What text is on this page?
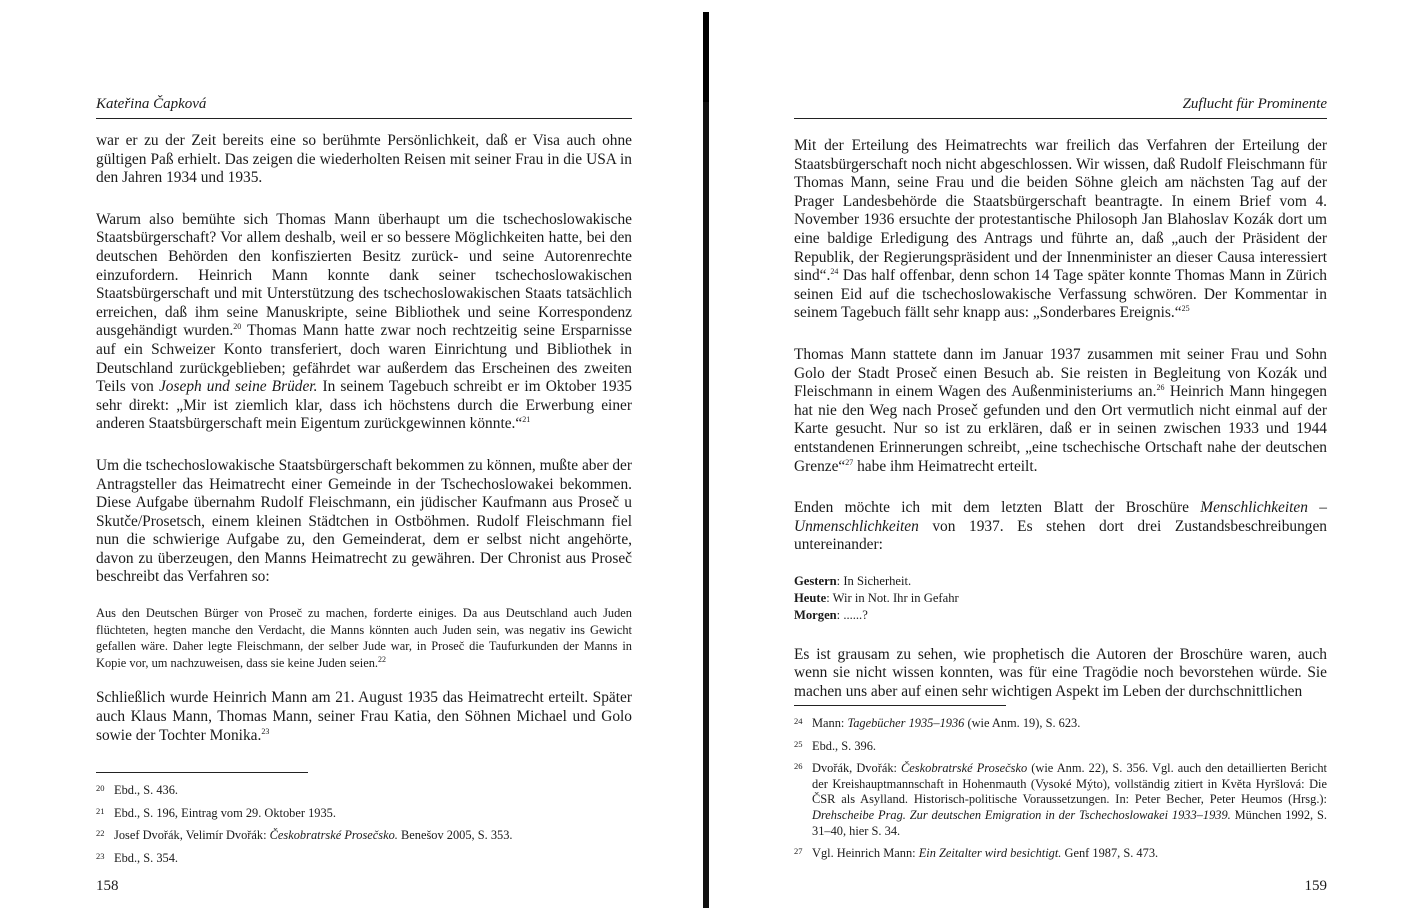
Kateřina Čapková

war er zu der Zeit bereits eine so berühmte Persönlichkeit, daß er Visa auch ohne gültigen Paß erhielt. Das zeigen die wiederholten Reisen mit seiner Frau in die USA in den Jahren 1934 und 1935.

Warum also bemühte sich Thomas Mann überhaupt um die tschechoslowakische Staatsbürgerschaft? Vor allem deshalb, weil er so bessere Möglichkeiten hatte, bei den deutschen Behörden den konfiszierten Besitz zurück- und seine Autorenrechte einzufordern. Heinrich Mann konnte dank seiner tschechoslowakischen Staatsbürgerschaft und mit Unterstützung des tschechoslowakischen Staats tatsächlich erreichen, daß ihm seine Manuskripte, seine Bibliothek und seine Korrespondenz ausgehändigt wurden.$^{20}$ Thomas Mann hatte zwar noch rechtzeitig seine Ersparnisse auf ein Schweizer Konto transferiert, doch waren Einrichtung und Bibliothek in Deutschland zurückgeblieben; gefährdet war außerdem das Erscheinen des zweiten Teils von Joseph und seine Brüder. In seinem Tagebuch schreibt er im Oktober 1935 sehr direkt: „Mir ist ziemlich klar, dass ich höchstens durch die Erwerbung einer anderen Staatsbürgerschaft mein Eigentum zurückgewinnen könnte.“$^{21}$

Um die tschechoslowakische Staatsbürgerschaft bekommen zu können, mußte aber der Antragsteller das Heimatrecht einer Gemeinde in der Tschechoslowakei bekommen. Diese Aufgabe übernahm Rudolf Fleischmann, ein jüdischer Kaufmann aus Proseč u Skutče/Prosetsch, einem kleinen Städtchen in Ostböhmen. Rudolf Fleischmann fiel nun die schwierige Aufgabe zu, den Gemeinderat, dem er selbst nicht angehörte, davon zu überzeugen, den Manns Heimatrecht zu gewähren. Der Chronist aus Proseč beschreibt das Verfahren so:

Aus den Deutschen Bürger von Proseč zu machen, forderte einiges. Da aus Deutschland auch Juden flüchteten, hegten manche den Verdacht, die Manns könnten auch Juden sein, was negativ ins Gewicht gefallen wäre. Daher legte Fleischmann, der selber Jude war, in Proseč die Taufurkunden der Manns in Kopie vor, um nachzuweisen, dass sie keine Juden seien.$^{22}$

Schließlich wurde Heinrich Mann am 21. August 1935 das Heimatrecht erteilt. Später auch Klaus Mann, Thomas Mann, seiner Frau Katia, den Söhnen Michael und Golo sowie der Tochter Monika.$^{23}$

20 Ebd., S. 436.
21 Ebd., S. 196, Eintrag vom 29. Oktober 1935.
22 Josef Dvořák, Velimír Dvořák: Českobratrské Prosečsko. Benešov 2005, S. 353.
23 Ebd., S. 354.
158
Zuflucht für Prominente

Mit der Erteilung des Heimatrechts war freilich das Verfahren der Erteilung der Staatsbürgerschaft noch nicht abgeschlossen. Wir wissen, daß Rudolf Fleischmann für Thomas Mann, seine Frau und die beiden Söhne gleich am nächsten Tag auf der Prager Landesbehörde die Staatsbürgerschaft beantragte. In einem Brief vom 4. November 1936 ersuchte der protestantische Philosoph Jan Blahoslav Kozák dort um eine baldige Erledigung des Antrags und führte an, daß „auch der Präsident der Republik, der Regierungspräsident und der Innenminister an dieser Causa interessiert sind“.$^{24}$ Das half offenbar, denn schon 14 Tage später konnte Thomas Mann in Zürich seinen Eid auf die tschechoslowakische Verfassung schwören. Der Kommentar in seinem Tagebuch fällt sehr knapp aus: „Sonderbares Ereignis.“$^{25}$

Thomas Mann stattete dann im Januar 1937 zusammen mit seiner Frau und Sohn Golo der Stadt Proseč einen Besuch ab. Sie reisten in Begleitung von Kozák und Fleischmann in einem Wagen des Außenministeriums an.$^{26}$ Heinrich Mann hingegen hat nie den Weg nach Proseč gefunden und den Ort vermutlich nicht einmal auf der Karte gesucht. Nur so ist zu erklären, daß er in seinen zwischen 1933 und 1944 entstandenen Erinnerungen schreibt, „eine tschechische Ortschaft nahe der deutschen Grenze“$^{27}$ habe ihm Heimatrecht erteilt.

Enden möchte ich mit dem letzten Blatt der Broschüre Menschlichkeiten – Unmenschlichkeiten von 1937. Es stehen dort drei Zustandsbeschreibungen untereinander:

Gestern: In Sicherheit.
Heute: Wir in Not. Ihr in Gefahr
Morgen: ......?

Es ist grausam zu sehen, wie prophetisch die Autoren der Broschüre waren, auch wenn sie nicht wissen konnten, was für eine Tragödie noch bevorstehen würde. Sie machen uns aber auf einen sehr wichtigen Aspekt im Leben der durchschnittlichen

24 Mann: Tagebücher 1935–1936 (wie Anm. 19), S. 623.
25 Ebd., S. 396.
26 Dvořák, Dvořák: Českobratrské Prosečsko (wie Anm. 22), S. 356. Vgl. auch den detaillierten Bericht der Kreishauptmannschaft in Hohenmauth (Vysoké Mýto), vollständig zitiert in Květa Hyršlová: Die ČSR als Asylland. Historisch-politische Voraussetzungen. In: Peter Becher, Peter Heumos (Hrsg.): Drehscheibe Prag. Zur deutschen Emigration in der Tschechoslowakei 1933–1939. München 1992, S. 31–40, hier S. 34.
27 Vgl. Heinrich Mann: Ein Zeitalter wird besichtigt. Genf 1987, S. 473.
159
